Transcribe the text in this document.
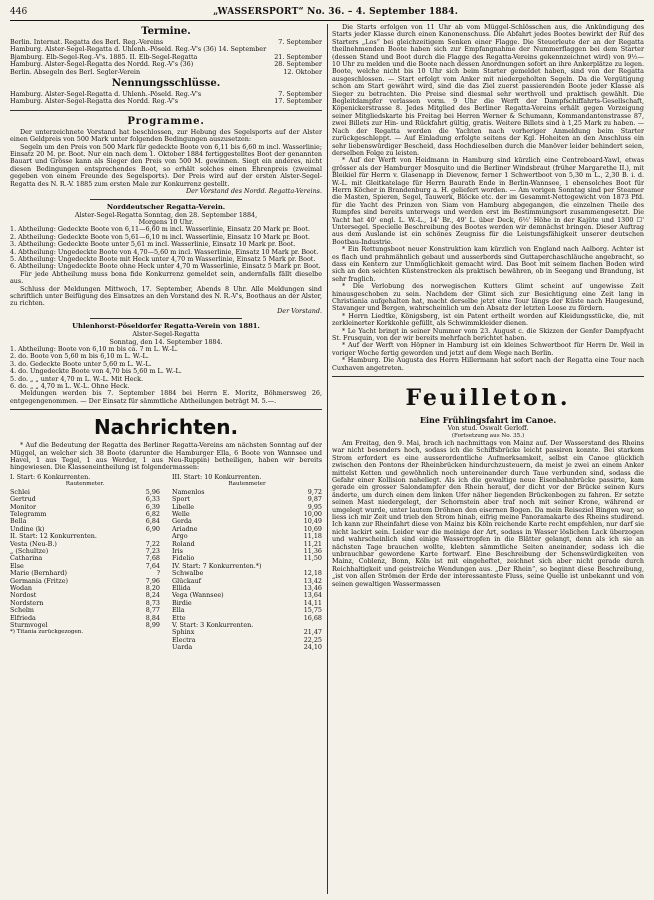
446	„WASSERSPORT“ No. 36. – 4. September 1884.
Termine.
Berlin. Internat. Regatta des Berl. Reg.-Vereins	7. September
Hamburg. Alster-Segel-Regatta d. Uhlenh.-Pöseld. Reg.-V's (36) 14. September
Bjamburg. Elb-Segel-Reg.-V's. 1885. II. Elb-Segel-Regatta	21. September
Hamburg. Alster-Segel-Regatta des Nordd. Reg.-V's (36)	28. September
Berlin. Absegeln des Berl. Segler-Verein	12. Oktober
Nennungsschlüsse.
Hamburg. Alster-Segel-Regatta d. Uhlenh.-Pöseld. Reg.-V's	7. September
Hamburg. Alster-Segel-Regatta des Nordd. Reg.-V's	17. September
Programme.

Der unterzeichnete Vorstand hat beschlossen, zur Hebung des Segelsports auf der Alster einen Geldpreis von 500 Mark unter folgenden Bedingungen auszusetzen:

Segeln um den Preis von 500 Mark für gedeckte Boote von 6,11 bis 6,60 m incl. Wasserlinie; Einsatz 20 M. pr. Boot. Nur ein nach dem 1. Oktober 1884 fertiggestelltes Boot der genannten Bauart und Grösse kann als Sieger den Preis von 500 M. gewinnen. Siegt ein anderes, nicht diesen Bedingungen entsprechendes Boot, so erhält solches einen Ehrenpreis (zweimal gegeben von einem Freunde des Segelsports). Der Preis wird auf der ersten Alster-Segel-Regatta des N. R.-V. 1885 zum ersten Male zur Konkurrenz gestellt.

Der Vorstand des Nordd. Regatta-Vereins.
Norddeutscher Regatta-Verein.
Alster-Segel-Regatta Sonntag, den 28. September 1884,
Morgens 10 Uhr.
1. Abtheilung: Gedeckte Boote von 6,11—6,60 m incl. Wasserlinie, Einsatz 20 Mark pr. Boot.
2. Abtheilung: Gedeckte Boote von 5,61—6,10 m incl. Wasserlinie, Einsatz 10 Mark pr. Boot.
3. Abtheilung: Gedeckte Boote unter 5,61 m incl. Wasserlinie, Einsatz 10 Mark pr. Boot.
4. Abtheilung: Ungedeckte Boote von 4,70—5,60 m incl. Wasserlinie, Einsatz 10 Mark pr. Boot.
5. Abtheilung: Ungedeckte Boote mit Heck unter 4,70 m Wasserlinie, Einsatz 5 Mark pr. Boot.
6. Abtheilung: Ungedeckte Boote ohne Heck unter 4,70 m Wasserlinie, Einsatz 5 Mark pr. Boot.

Für jede Abtheilung muss bona fide Konkurrenz gemeldet sein, andernfalls fällt dieselbe aus.

Schluss der Meldungen Mittwoch, 17. September, Abends 8 Uhr. Alle Meldungen sind schriftlich unter Beifügung des Einsatzes an den Vorstand des N. R.-V's, Boothaus an der Alster, zu richten.

Der Vorstand.
Uhlenhorst-Pöseldorfer Regatta-Verein von 1881.
Alster-Segel-Regatta
Sonntag, den 14. September 1884.
1. Abtheilung: Boote von 6,10 m bis ca. 7 m L. W.-L.
2. do. Boote von 5,60 m bis 6,10 m L. W.-L.
3. do. Gedeckte Boote unter 5,60 m L. W.-L.
4. do. Ungedeckte Boote von 4,70 bis 5,60 m L. W.-L.
5. do. „ „ unter 4,70 m L. W.-L. Mit Heck.
6. do. „ „ 4,70 m L. W.-L. Ohne Heck.

Meldungen werden bis 7. September 1884 bei Herrn E. Moritz, Böhmersweg 26, entgegengenommen. — Der Einsatz für sämmtliche Abtheilungen beträgt M. 5.—.

Nachrichten.

* Auf die Bedeutung der Regatta des Berliner Regatta-Vereins am nächsten Sonntag auf der Müggel, an welcher sich 38 Boote (darunter die Hamburger Ella, 6 Boote von Wannsee und Havel, 1 aus Tegel, 1 aus Werder, 1 aus Neu-Ruppin) betheiligen, haben wir bereits hingewiesen. Die Klasseneintheilung ist folgendermassen:

I. Start: 6 Konkurrenten.
Rautenmeter.
Schlei	5,96
Gertrud	6,33
Monitor	6,39
Telegramm	6,82
Bella	6,84
Undine (k)	6,90
II. Start: 12 Konkurrenten.
Vesta (Neu-B.)	7,22
„ (Schultze)	7,23
Catharina	7,68
Else	7,64
Marie (Bernhard)	?
Germania (Fritze)	7,96
Wodan	8,20
Nordost	8,24
Nordstern	8,73
Schelm	8,77
Elfrieda	8,84
Sturmvogel	8,99
*) Titania zurückgezogen.
III. Start: 10 Konkurrenten.
Rautenmeter
Namenlos	9,72
Sport	9,87
Libelle	9,95
Welle	10,00
Gerda	10,49
Ariadne	10,69
Argo	11,18
Roland	11,21
Iris	11,36
Fidelio	11,50
IV. Start: 7 Konkurrenten.*)
Schwalbe	12,18
Glückauf	13,42
Ellida	13,46
Vega (Wannsee)	13,64
Birdie	14,11
Ella	15,75
Ette	16,68
V. Start: 3 Konkurrenten.
Sphinx	21,47
Electra	22,25
Uarda	24,10

Die Starts erfolgen von 11 Uhr ab vom Müggel-Schlösschen aus, die Ankündigung des Starts jeder Klasse durch einen Kanonenschuss. Die Abfahrt jedes Bootes bewirkt der Ruf des Starters „Los“ bei gleichzeitigem Senken einer Flagge. Die Steuerleute der an der Regatta theilnehmenden Boote haben sich zur Empfangnahme der Nummerflaggen bei dem Starter (dessen Stand und Boot durch die Flagge des Regatta-Vereins gekennzeichnet wird) von 9½—10 Uhr zu melden und die Boote nach dessen Anordnungen sofort an ihre Ankerplätze zu legen. Boote, welche nicht bis 10 Uhr sich beim Starter gemeldet haben, sind von der Regatta ausgeschlossen. — Start erfolgt vom Anker mit niedergeholten Segeln. Da die Vergütigung schon am Start gewährt wird, sind die das Ziel zuerst passierenden Boote jeder Klasse als Sieger zu betrachten. Die Preise sind diesmal sehr werthvoll und praktisch gewählt. Die Begleitdampfer verlassen vorm. 9 Uhr die Werft der Dampfschiffahrts-Gesellschaft, Köpenickerstrasse 8. Jedes Mitglied des Berliner Regatta-Vereins erhält gegen Vorzeigung seiner Mitgliedskarte bis Freitag bei Herren Werner & Schumann, Kommandantenstrasse 87, zwei Billets zur Hin- und Rückfahrt gültig, gratis. Weitere Billets sind à 1,25 Mark zu haben. — Nach der Regatta werden die Yachten nach vorheriger Anmeldung beim Starter zurückgeschleppt. — Auf Einladung erfolgte seitens der Kgl. Hoheiten an den Anschluss ein sehr liebenswürdiger Bescheid, dass Hochdieselben durch die Manöver leider behindert seien, derselben Folge zu leisten.

* Auf der Werft von Heidmann in Hamburg sind kürzlich eine Centreboard-Yawl, etwas grösser als der Hamburger Mosquito und die Berliner Windsbraut (früher Margarethe II.), mit Bleikiel für Herrn v. Glasenapp in Dievenow, ferner 1 Schwertboot von 5,30 m L., 2,30 B. i. d. W.-L. mit Gleitkatelage für Herrn Baurath Ende in Berlin-Wannsee, 1 ebensolches Boot für Herrn Köcher in Brandenburg a. H. geliefert worden. — Am vorigen Sonntag sind per Steamer die Masten, Spieren, Segel, Tauwerk, Blöcke etc. der im Gesammt-Nettogewicht von 1873 Pfd. für die Yacht des Prinzen von Siam von Hamburg abgegangen, die einzelnen Theile des Rumpfes sind bereits unterwegs und werden erst im Bestimmungsort zusammengesetzt. Die Yacht hat 40' engl. L. W.-L., 14' Br., 49' L. über Deck, 6½' Höhe in der Kajüte und 1300 ☐' Untersegel. Specielle Beschreibung des Bootes werden wir demnächst bringen. Dieser Auftrag aus dem Auslande ist ein schönes Zeugniss für die Leistungsfähigkeit unserer deutschen Bootbau-Industrie.

* Ein Rettungsboot neuer Konstruktion kam kürzlich von England nach Aalborg. Achter ist es flach und prahmähnlich gebaut und ausserbords sind Guttaperchaschläuche angebracht, so dass ein Kentern zur Unmöglichkeit gemacht wird. Das Boot mit seinem flachen Boden wird sich an den seichten Küstenstrecken als praktisch bewähren, ob in Seegang und Brandung, ist sehr fraglich.

* Die Verlobung des norwegischen Kutters Glimt scheint auf ungewisse Zeit hinausgeschoben zu sein. Nachdem der Glimt sich zur Besichtigung eine Zeit lang in Christiania aufgehalten hat, macht derselbe jetzt eine Tour längs der Küste nach Haugesund, Stavanger und Bergen, wahrscheinlich um den Absatz der letzten Loose zu fördern.

* Herrn Liedtke, Königsberg, ist ein Patent ertheilt worden auf Kleidungsstücke, die, mit zerkleinerter Korkkohle gefüllt, als Schwimmkleider dienen.

* Le Yacht bringt in seiner Nummer vom 23. August c. die Skizzen der Genfer Dampfyacht St. Frusquin, von der wir bereits mehrfach berichtet haben.

* Auf der Werft von Höpner in Hamburg ist ein kleines Schwertboot für Herrn Dr. Weil in voriger Woche fertig geworden und jetzt auf dem Wege nach Berlin.

* Hamburg. Die Augusta des Herrn Hillermann hat sofort nach der Regatta eine Tour nach Cuxhaven angetreten.

Feuilleton.
Eine Frühlingsfahrt im Canoe.
Von stud. Oswalt Gerloff.
(Fortsetzung aus No. 35.)

Am Freitag, den 9. Mai, brach ich nachmittags von Mainz auf. Der Wasserstand des Rheins war nicht besonders hoch, sodass ich die Schiffsbrücke leicht passiren konnte. Bei starkem Strom erfordert es eine ausserordentliche Aufmerksamkeit, selbst ein Canoe glücklich zwischen den Pontons der Rheinbrücken hindurchzusteuern, da meist je zwei an einem Anker mittelst Ketten und gewöhnlich noch untereinander durch Taue verbunden sind, sodass die Gefahr einer Kollision naheliegt. Als ich die gewaltige neue Eisenbahnbrücke passirte, kam gerade ein grosser Salondampfer den Rhein herauf, der dicht vor der Brücke seinen Kurs änderte, um durch einen dem linken Ufer näher liegenden Brückenbogen zu fahren. Er setzte seinen Mast niedergelegt, der Schornstein aber traf noch mit seiner Krone, während er umgelegt wurde, unter lautem Dröhnen den eisernen Bogen. Da mein Reiseziel Bingen war, so liess ich mir Zeit und trieb den Strom hinab, eifrig meine Panoramakarte des Rheins studirend. Ich kann zur Rheinfahrt diese von Mainz bis Köln reichende Karte recht empfehlen, nur darf sie nicht lackirt sein. Leider war die meinige der Art, sodass in Wasser löslichen Lack überzogen und wahrscheinlich sind einige Wassertropfen in die Blätter gelangt, denn als ich sie an nächsten Tage brauchen wollte, klebten sämmtliche Seiten aneinander, sodass ich die unbrauchbar gewordene Karte fortwarf. Eine Beschreibung der Schenswürdigkeiten von Mainz, Coblenz, Bonn, Köln ist mit eingeheftet, zeichnet sich aber nicht gerade durch Reichhaltigkeit und geistreiche Wendungen aus. „Der Rhein“, so beginnt diese Beschreibung, „ist von allen Strömen der Erde der interessanteste Fluss, seine Quelle ist unbekannt und von seinen gewaltigen Wassermassen
